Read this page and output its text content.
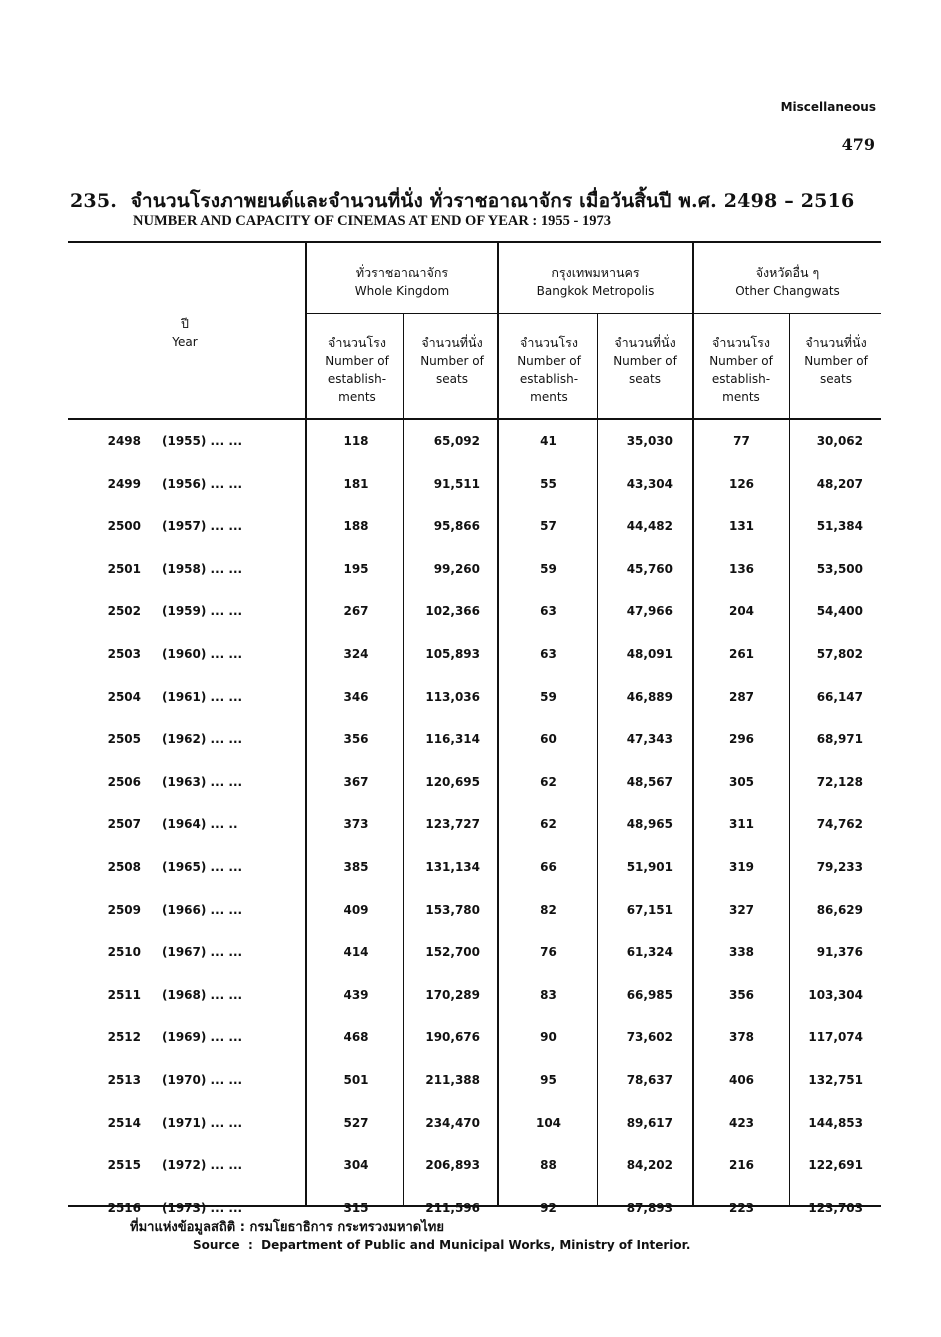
Miscellaneous
479
235. จำนวนโรงภาพยนต์และจำนวนที่นั่ง ทั่วราชอาณาจักร เมื่อวันสิ้นปี พ.ศ. 2498 – 2516
NUMBER AND CAPACITY OF CINEMAS AT END OF YEAR : 1955 - 1973
ปี
Year
ทั่วราชอาณาจักร
Whole Kingdom
กรุงเทพมหานคร
Bangkok Metropolis
จังหวัดอื่น ๆ
Other Changwats
จำนวนโรง
Number of establish- ments
จำนวนที่นั่ง
Number of seats
จำนวนโรง
Number of establish- ments
จำนวนที่นั่ง
Number of seats
จำนวนโรง
Number of establish- ments
จำนวนที่นั่ง
Number of seats
2498 (1955) ... ...	118	65,092	41	35,030	77	30,062
2499 (1956) ... ...	181	91,511	55	43,304	126	48,207
2500 (1957) ... ...	188	95,866	57	44,482	131	51,384
2501 (1958) ... ...	195	99,260	59	45,760	136	53,500
2502 (1959) ... ...	267	102,366	63	47,966	204	54,400
2503 (1960) ... ...	324	105,893	63	48,091	261	57,802
2504 (1961) ... ...	346	113,036	59	46,889	287	66,147
2505 (1962) ... ...	356	116,314	60	47,343	296	68,971
2506 (1963) ... ...	367	120,695	62	48,567	305	72,128
2507 (1964) ... ..	373	123,727	62	48,965	311	74,762
2508 (1965) ... ...	385	131,134	66	51,901	319	79,233
2509 (1966) ... ...	409	153,780	82	67,151	327	86,629
2510 (1967) ... ...	414	152,700	76	61,324	338	91,376
2511 (1968) ... ...	439	170,289	83	66,985	356	103,304
2512 (1969) ... ...	468	190,676	90	73,602	378	117,074
2513 (1970) ... ...	501	211,388	95	78,637	406	132,751
2514 (1971) ... ...	527	234,470	104	89,617	423	144,853
2515 (1972) ... ...	304	206,893	88	84,202	216	122,691
2516 (1973) ... ...	315	211,596	92	87,893	223	123,703
ที่มาแห่งข้อมูลสถิติ : กรมโยธาธิการ กระทรวงมหาดไทย
Source  :  Department of Public and Municipal Works, Ministry of Interior.
